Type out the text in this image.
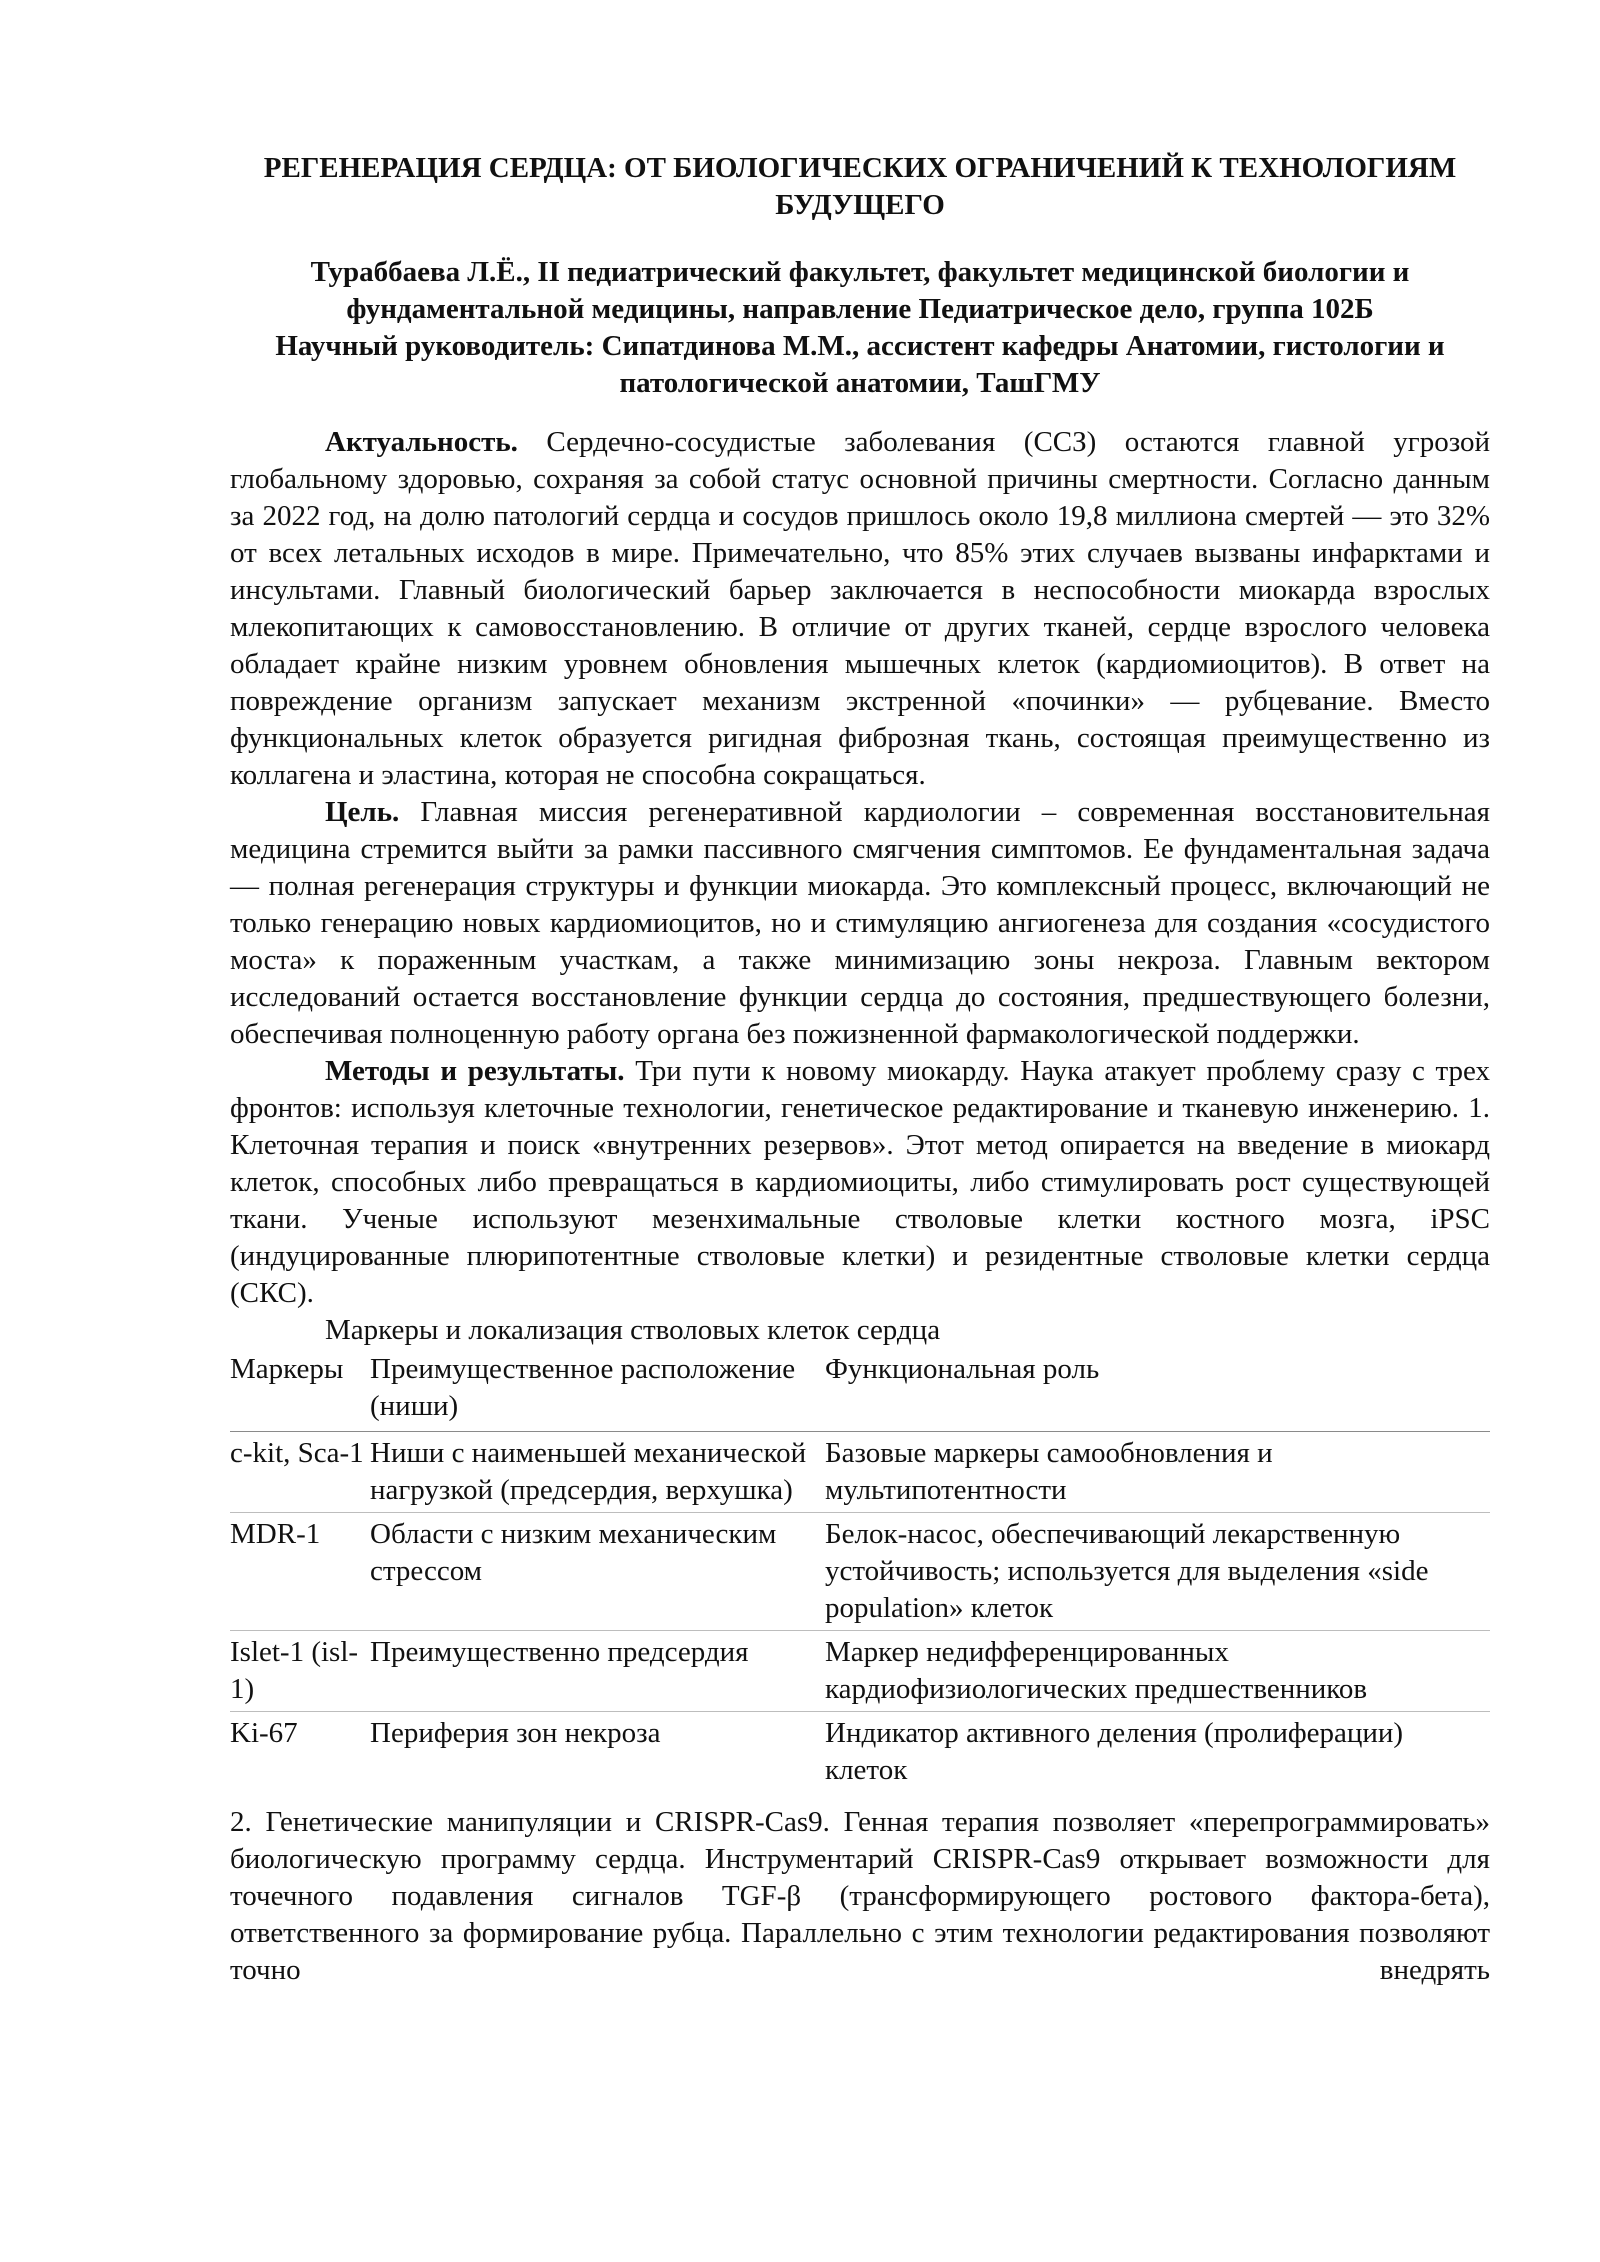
РЕГЕНЕРАЦИЯ СЕРДЦА: ОТ БИОЛОГИЧЕСКИХ ОГРАНИЧЕНИЙ К ТЕХНОЛОГИЯМ БУДУЩЕГО
Тураббаева Л.Ё., II педиатрический факультет, факультет медицинской биологии и фундаментальной медицины, направление Педиатрическое дело, группа 102Б
Научный руководитель: Сипатдинова М.М., ассистент кафедры Анатомии, гистологии и патологической анатомии, ТашГМУ

Актуальность. Сердечно-сосудистые заболевания (ССЗ) остаются главной угрозой глобальному здоровью, сохраняя за собой статус основной причины смертности. Согласно данным за 2022 год, на долю патологий сердца и сосудов пришлось около 19,8 миллиона смертей — это 32% от всех летальных исходов в мире. Примечательно, что 85% этих случаев вызваны инфарктами и инсультами. Главный биологический барьер заключается в неспособности миокарда взрослых млекопитающих к самовосстановлению. В отличие от других тканей, сердце взрослого человека обладает крайне низким уровнем обновления мышечных клеток (кардиомиоцитов). В ответ на повреждение организм запускает механизм экстренной «починки» — рубцевание. Вместо функциональных клеток образуется ригидная фиброзная ткань, состоящая преимущественно из коллагена и эластина, которая не способна сокращаться.

Цель. Главная миссия регенеративной кардиологии – современная восстановительная медицина стремится выйти за рамки пассивного смягчения симптомов. Ее фундаментальная задача — полная регенерация структуры и функции миокарда. Это комплексный процесс, включающий не только генерацию новых кардиомиоцитов, но и стимуляцию ангиогенеза для создания «сосудистого моста» к пораженным участкам, а также минимизацию зоны некроза. Главным вектором исследований остается восстановление функции сердца до состояния, предшествующего болезни, обеспечивая полноценную работу органа без пожизненной фармакологической поддержки.

Методы и результаты. Три пути к новому миокарду. Наука атакует проблему сразу с трех фронтов: используя клеточные технологии, генетическое редактирование и тканевую инженерию. 1. Клеточная терапия и поиск «внутренних резервов». Этот метод опирается на введение в миокард клеток, способных либо превращаться в кардиомиоциты, либо стимулировать рост существующей ткани. Ученые используют мезенхимальные стволовые клетки костного мозга, iPSC (индуцированные плюрипотентные стволовые клетки) и резидентные стволовые клетки сердца (СКС).

Маркеры и локализация стволовых клеток сердца
Маркеры	Преимущественное расположение (ниши)	Функциональная роль
c-kit, Sca-1	Ниши с наименьшей механической нагрузкой (предсердия, верхушка)	Базовые маркеры самообновления и мультипотентности
MDR-1	Области с низким механическим стрессом	Белок-насос, обеспечивающий лекарственную устойчивость; используется для выделения «side population» клеток
Islet-1 (isl-1)	Преимущественно предсердия	Маркер недифференцированных кардиофизиологических предшественников
Ki-67	Периферия зон некроза	Индикатор активного деления (пролиферации) клеток

2. Генетические манипуляции и CRISPR-Cas9. Генная терапия позволяет «перепрограммировать» биологическую программу сердца. Инструментарий CRISPR-Cas9 открывает возможности для точечного подавления сигналов TGF-β (трансформирующего ростового фактора-бета), ответственного за формирование рубца. Параллельно с этим технологии редактирования позволяют точно внедрять
